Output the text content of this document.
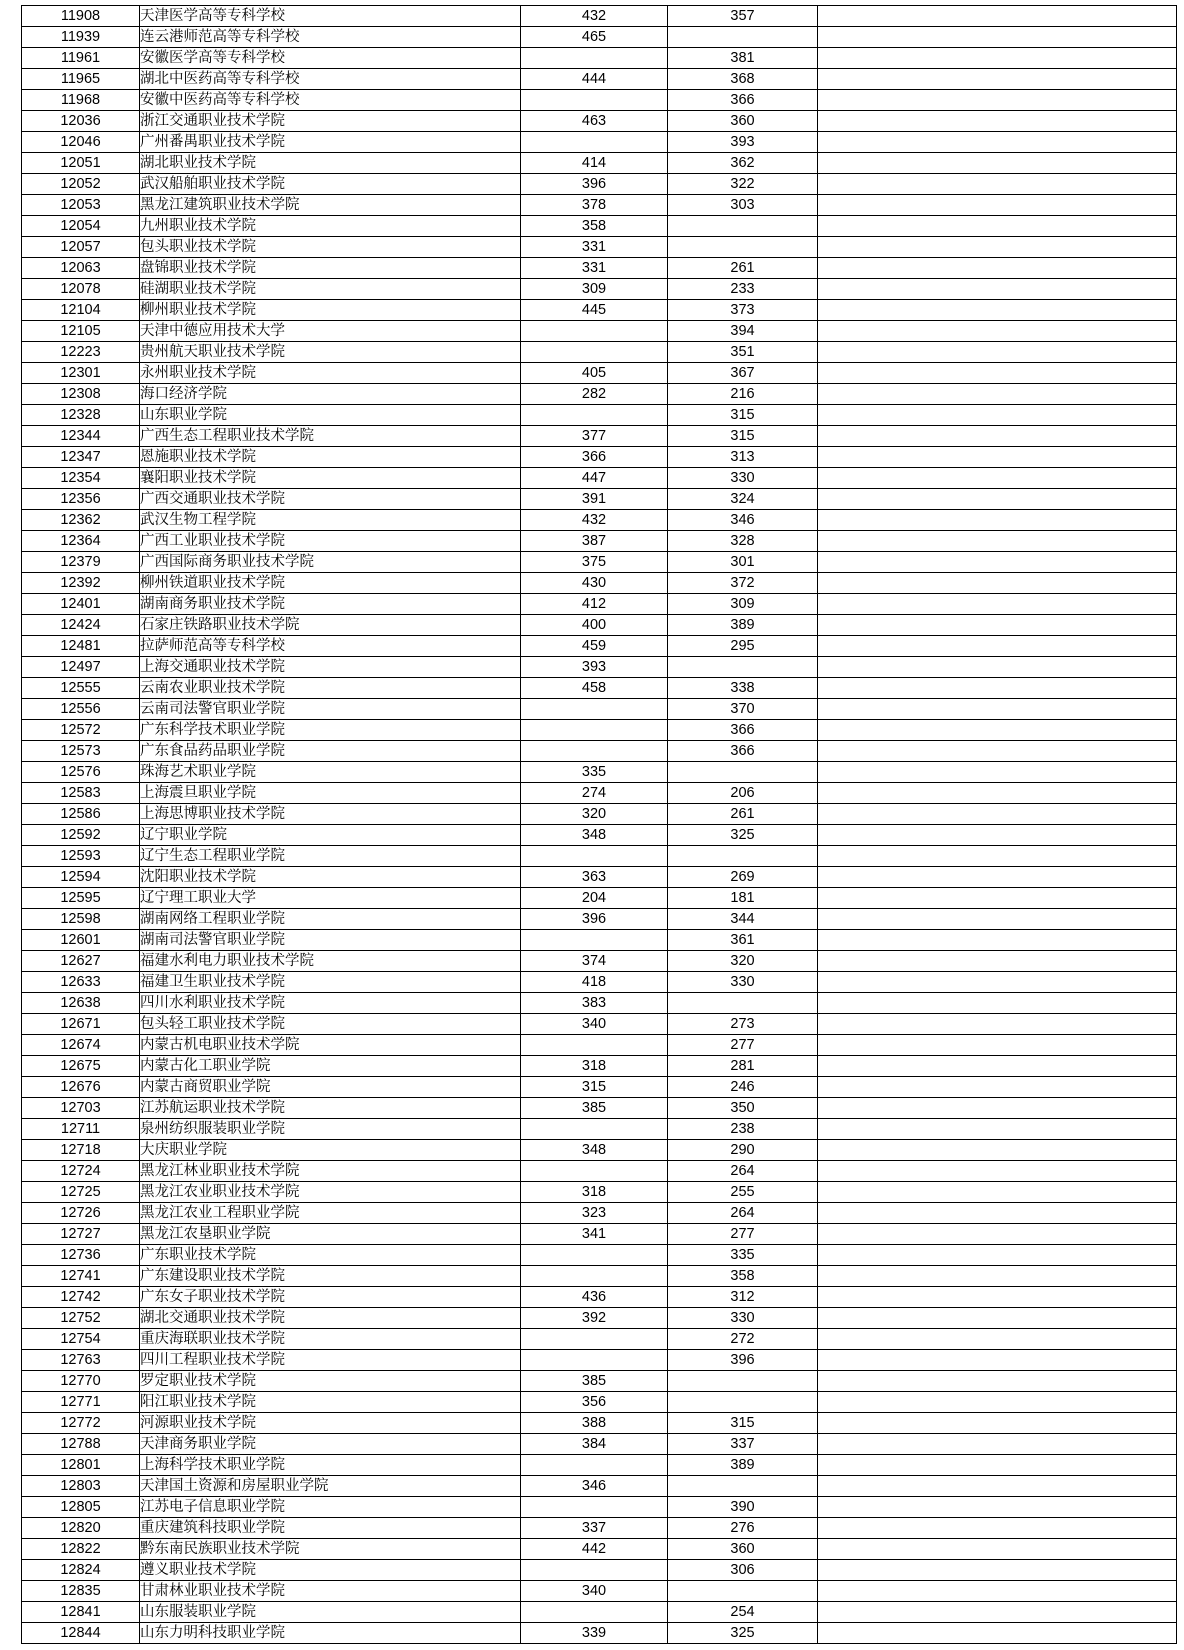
11908	天津医学高等专科学校	432	357	
11939	连云港师范高等专科学校	465		
11961	安徽医学高等专科学校		381	
11965	湖北中医药高等专科学校	444	368	
11968	安徽中医药高等专科学校		366	
12036	浙江交通职业技术学院	463	360	
12046	广州番禺职业技术学院		393	
12051	湖北职业技术学院	414	362	
12052	武汉船舶职业技术学院	396	322	
12053	黑龙江建筑职业技术学院	378	303	
12054	九州职业技术学院	358		
12057	包头职业技术学院	331		
12063	盘锦职业技术学院	331	261	
12078	硅湖职业技术学院	309	233	
12104	柳州职业技术学院	445	373	
12105	天津中德应用技术大学		394	
12223	贵州航天职业技术学院		351	
12301	永州职业技术学院	405	367	
12308	海口经济学院	282	216	
12328	山东职业学院		315	
12344	广西生态工程职业技术学院	377	315	
12347	恩施职业技术学院	366	313	
12354	襄阳职业技术学院	447	330	
12356	广西交通职业技术学院	391	324	
12362	武汉生物工程学院	432	346	
12364	广西工业职业技术学院	387	328	
12379	广西国际商务职业技术学院	375	301	
12392	柳州铁道职业技术学院	430	372	
12401	湖南商务职业技术学院	412	309	
12424	石家庄铁路职业技术学院	400	389	
12481	拉萨师范高等专科学校	459	295	
12497	上海交通职业技术学院	393		
12555	云南农业职业技术学院	458	338	
12556	云南司法警官职业学院		370	
12572	广东科学技术职业学院		366	
12573	广东食品药品职业学院		366	
12576	珠海艺术职业学院	335		
12583	上海震旦职业学院	274	206	
12586	上海思博职业技术学院	320	261	
12592	辽宁职业学院	348	325	
12593	辽宁生态工程职业学院			
12594	沈阳职业技术学院	363	269	
12595	辽宁理工职业大学	204	181	
12598	湖南网络工程职业学院	396	344	
12601	湖南司法警官职业学院		361	
12627	福建水利电力职业技术学院	374	320	
12633	福建卫生职业技术学院	418	330	
12638	四川水利职业技术学院	383		
12671	包头轻工职业技术学院	340	273	
12674	内蒙古机电职业技术学院		277	
12675	内蒙古化工职业学院	318	281	
12676	内蒙古商贸职业学院	315	246	
12703	江苏航运职业技术学院	385	350	
12711	泉州纺织服装职业学院		238	
12718	大庆职业学院	348	290	
12724	黑龙江林业职业技术学院		264	
12725	黑龙江农业职业技术学院	318	255	
12726	黑龙江农业工程职业学院	323	264	
12727	黑龙江农垦职业学院	341	277	
12736	广东职业技术学院		335	
12741	广东建设职业技术学院		358	
12742	广东女子职业技术学院	436	312	
12752	湖北交通职业技术学院	392	330	
12754	重庆海联职业技术学院		272	
12763	四川工程职业技术学院		396	
12770	罗定职业技术学院	385		
12771	阳江职业技术学院	356		
12772	河源职业技术学院	388	315	
12788	天津商务职业学院	384	337	
12801	上海科学技术职业学院		389	
12803	天津国土资源和房屋职业学院	346		
12805	江苏电子信息职业学院		390	
12820	重庆建筑科技职业学院	337	276	
12822	黔东南民族职业技术学院	442	360	
12824	遵义职业技术学院		306	
12835	甘肃林业职业技术学院	340		
12841	山东服装职业学院		254	
12844	山东力明科技职业学院	339	325	
